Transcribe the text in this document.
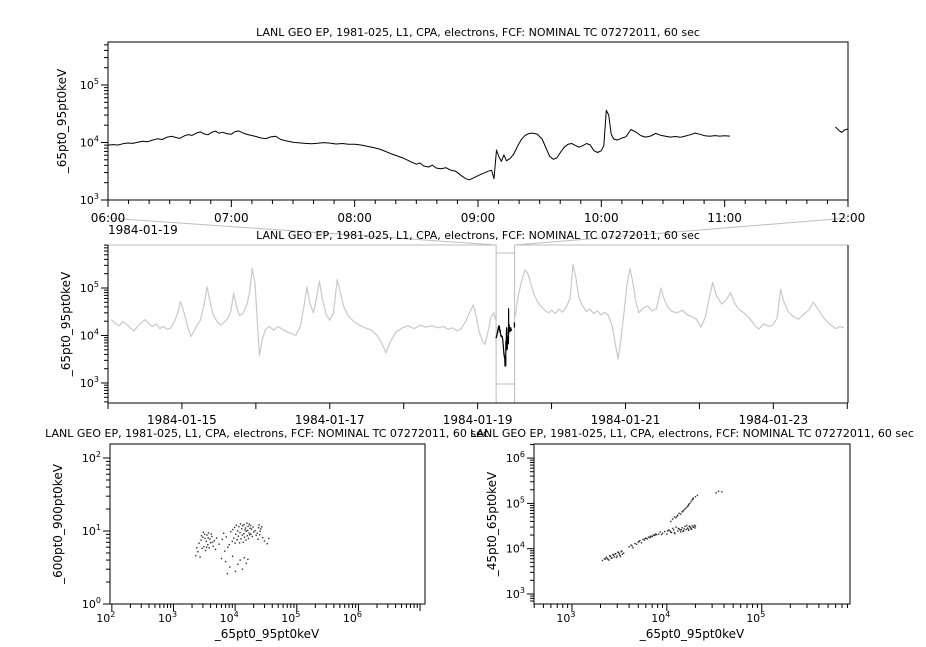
$10^3$
$10^4$
$10^5$
1984-01-15	1984-01-17	1984-01-19	1984-01-21	1984-01-23
$10^3$
$10^4$
$10^5$
06:00	07:00	08:00	09:00	10:00	11:00	12:00
$10^0$
$10^1$
$10^2$
$10^2$	$10^3$	$10^4$	$10^5$	$10^6$
$10^3$
$10^4$
$10^5$
$10^6$
$10^3$	$10^4$	$10^5$
LANL GEO EP, 1981-025, L1, CPA, electrons, FCF: NOMINAL TC 07272011, 60 sec
LANL GEO EP, 1981-025, L1, CPA, electrons, FCF: NOMINAL TC 07272011, 60 sec
LANL GEO EP, 1981-025, L1, CPA, electrons, FCF: NOMINAL TC 07272011, 60 sec
LANL GEO EP, 1981-025, L1, CPA, electrons, FCF: NOMINAL TC 07272011, 60 sec
_65pt0_95pt0keV
_65pt0_95pt0keV
_600pt0_900pt0keV	_45pt0_65pt0keV
_65pt0_95pt0keV	_65pt0_95pt0keV
1984-01-19
